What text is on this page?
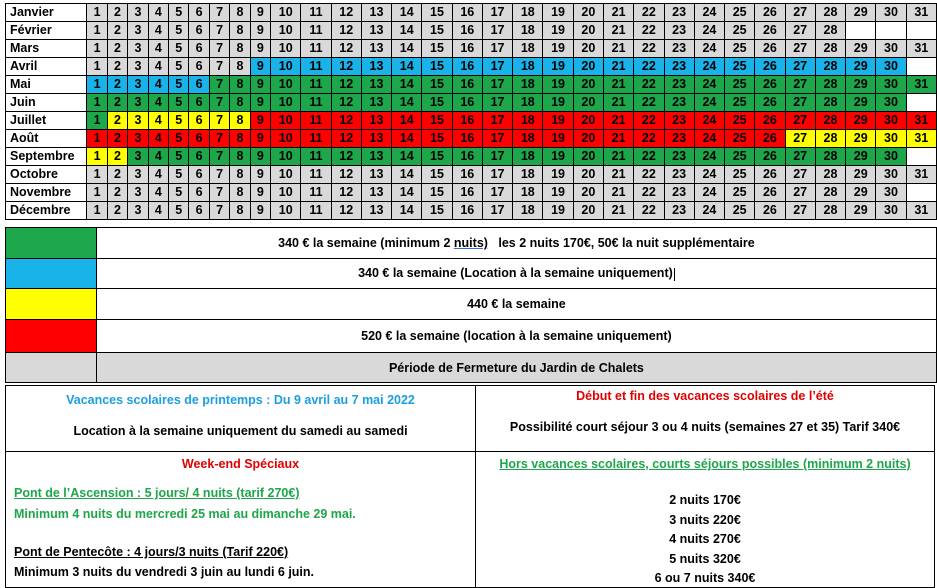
Janvier	1	2	3	4	5	6	7	8	9	10	11	12	13	14	15	16	17	18	19	20	21	22	23	24	25	26	27	28	29	30	31
Février	1	2	3	4	5	6	7	8	9	10	11	12	13	14	15	16	17	18	19	20	21	22	23	24	25	26	27	28			
Mars	1	2	3	4	5	6	7	8	9	10	11	12	13	14	15	16	17	18	19	20	21	22	23	24	25	26	27	28	29	30	31
Avril	1	2	3	4	5	6	7	8	9	10	11	12	13	14	15	16	17	18	19	20	21	22	23	24	25	26	27	28	29	30	
Mai	1	2	3	4	5	6	7	8	9	10	11	12	13	14	15	16	17	18	19	20	21	22	23	24	25	26	27	28	29	30	31
Juin	1	2	3	4	5	6	7	8	9	10	11	12	13	14	15	16	17	18	19	20	21	22	23	24	25	26	27	28	29	30	
Juillet	1	2	3	4	5	6	7	8	9	10	11	12	13	14	15	16	17	18	19	20	21	22	23	24	25	26	27	28	29	30	31
Août	1	2	3	4	5	6	7	8	9	10	11	12	13	14	15	16	17	18	19	20	21	22	23	24	25	26	27	28	29	30	31
Septembre	1	2	3	4	5	6	7	8	9	10	11	12	13	14	15	16	17	18	19	20	21	22	23	24	25	26	27	28	29	30	
Octobre	1	2	3	4	5	6	7	8	9	10	11	12	13	14	15	16	17	18	19	20	21	22	23	24	25	26	27	28	29	30	31
Novembre	1	2	3	4	5	6	7	8	9	10	11	12	13	14	15	16	17	18	19	20	21	22	23	24	25	26	27	28	29	30	
Décembre	1	2	3	4	5	6	7	8	9	10	11	12	13	14	15	16	17	18	19	20	21	22	23	24	25	26	27	28	29	30	31
	340 € la semaine (minimum 2 nuits)   les 2 nuits 170€, 50€ la nuit supplémentaire
	340 € la semaine (Location à la semaine uniquement)
	440 € la semaine
	520 € la semaine (location à la semaine uniquement)
	Période de Fermeture du Jardin de Chalets
Vacances scolaires de printemps : Du 9 avril au 7 mai 2022
Location à la semaine uniquement du samedi au samedi
Début et fin des vacances scolaires de l’été
Possibilité court séjour 3 ou 4 nuits (semaines 27 et 35) Tarif 340€
Week-end Spéciaux
Pont de l’Ascension : 5 jours/ 4 nuits (tarif 270€)
Minimum 4 nuits du mercredi 25 mai au dimanche 29 mai.
Pont de Pentecôte : 4 jours/3 nuits (Tarif 220€)
Minimum 3 nuits du vendredi 3 juin au lundi 6 juin.
Hors vacances scolaires, courts séjours possibles (minimum 2 nuits)
2 nuits 170€
3 nuits 220€
4 nuits 270€
5 nuits 320€
6 ou 7 nuits 340€
